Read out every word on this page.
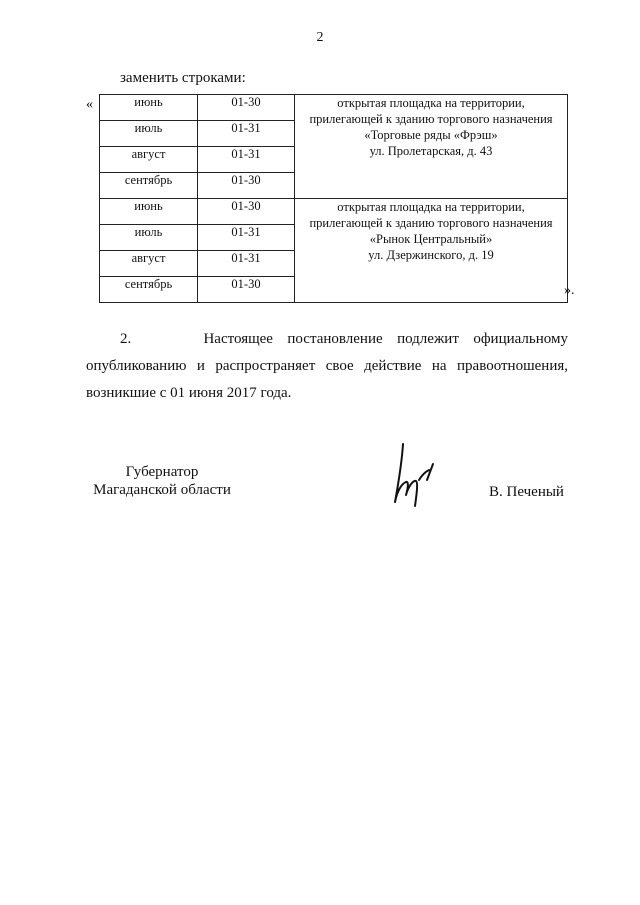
2
заменить строками:
«	июнь	01-30	открытая площадка на территории,
прилегающей к зданию торгового назначения
«Торговые ряды «Фрэш»
ул. Пролетарская, д. 43

июль	01-31	
август	01-31	
сентябрь	01-30	
июнь	01-30	открытая площадка на территории,
прилегающей к зданию торгового назначения
«Рынок Центральный»
ул. Дзержинского, д. 19

июль	01-31	
август	01-31	
сентябрь	01-30		».
2.     Настоящее постановление подлежит официальному опубликованию и распространяет свое действие на правоотношения, возникшие с 01 июня 2017 года.
Губернатор
Магаданской области	В. Печеный
